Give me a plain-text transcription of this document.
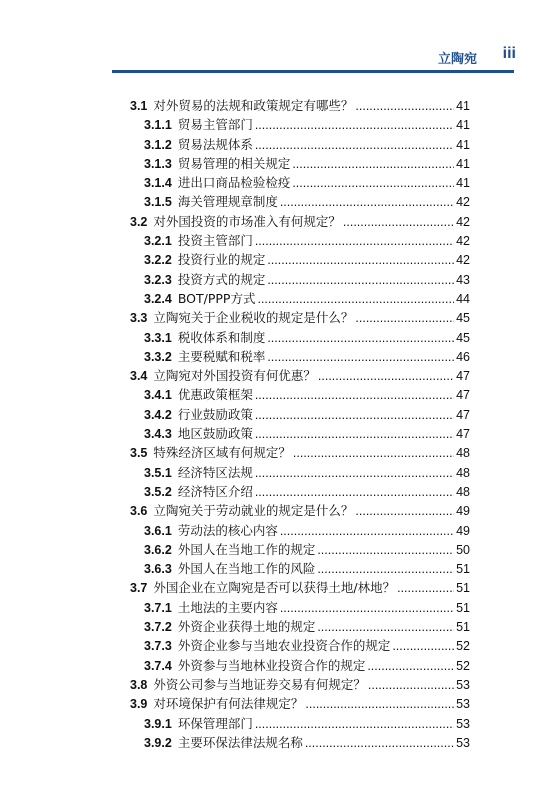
立陶宛 iii
3.1 对外贸易的法规和政策规定有哪些？ .....	41
3.1.1 贸易主管部门 .....	41
3.1.2 贸易法规体系 .....	41
3.1.3 贸易管理的相关规定 .....	41
3.1.4 进出口商品检验检疫 .....	41
3.1.5 海关管理规章制度 .....	42
3.2 对外国投资的市场准入有何规定？ .....	42
3.2.1 投资主管部门 .....	42
3.2.2 投资行业的规定 .....	42
3.2.3 投资方式的规定 .....	43
3.2.4 BOT/PPP方式 .....	44
3.3 立陶宛关于企业税收的规定是什么？ .....	45
3.3.1 税收体系和制度 .....	45
3.3.2 主要税赋和税率 .....	46
3.4 立陶宛对外国投资有何优惠？ .....	47
3.4.1 优惠政策框架 .....	47
3.4.2 行业鼓励政策 .....	47
3.4.3 地区鼓励政策 .....	47
3.5 特殊经济区域有何规定？ .....	48
3.5.1 经济特区法规 .....	48
3.5.2 经济特区介绍 .....	48
3.6 立陶宛关于劳动就业的规定是什么？ .....	49
3.6.1 劳动法的核心内容 .....	49
3.6.2 外国人在当地工作的规定 .....	50
3.6.3 外国人在当地工作的风险 .....	51
3.7 外国企业在立陶宛是否可以获得土地/林地？ .....	51
3.7.1 土地法的主要内容 .....	51
3.7.2 外资企业获得土地的规定 .....	51
3.7.3 外资企业参与当地农业投资合作的规定 .....	52
3.7.4 外资参与当地林业投资合作的规定 .....	52
3.8 外资公司参与当地证券交易有何规定？ .....	53
3.9 对环境保护有何法律规定？ .....	53
3.9.1 环保管理部门 .....	53
3.9.2 主要环保法律法规名称 .....	53
